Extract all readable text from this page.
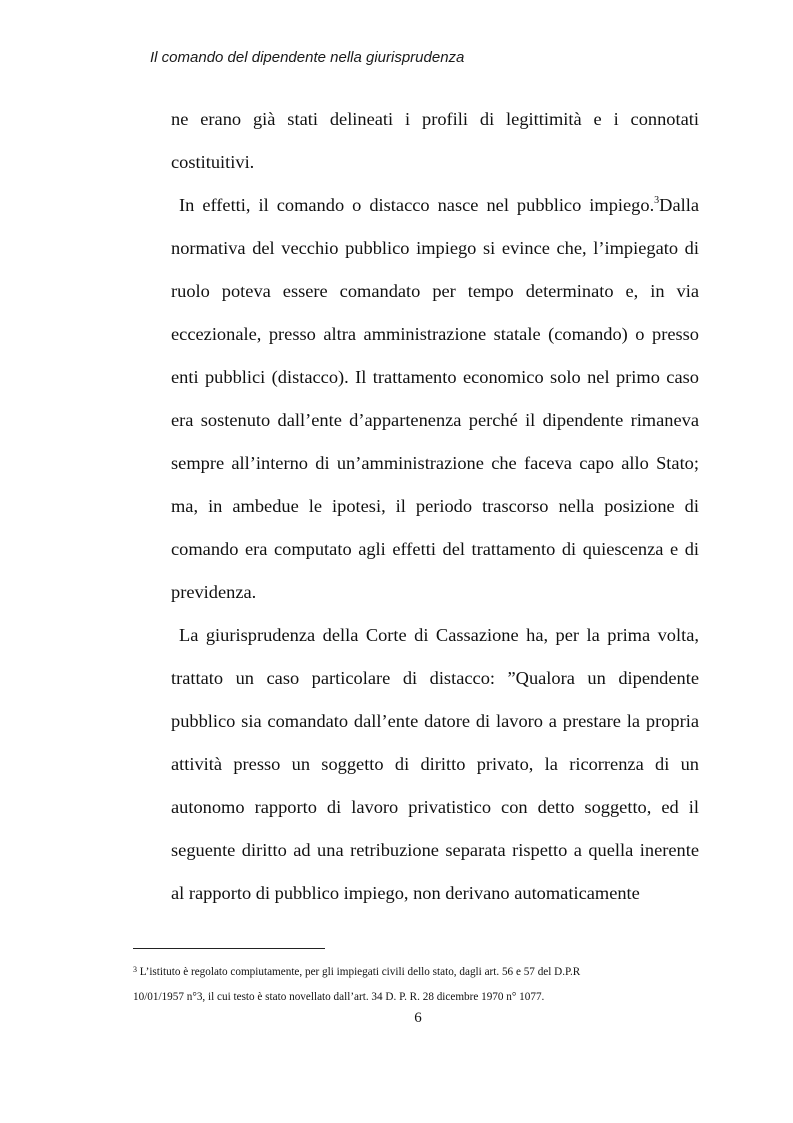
Il comando del dipendente nella giurisprudenza

ne erano già stati delineati i profili di legittimità e i connotati costituitivi.

In effetti, il comando o distacco nasce nel pubblico impiego.$^3$Dalla normativa del vecchio pubblico impiego si evince che, l’impiegato di ruolo poteva essere comandato per tempo determinato e, in via eccezionale, presso altra amministrazione statale (comando) o presso enti pubblici (distacco). Il trattamento economico solo nel primo caso era sostenuto dall’ente d’appartenenza perché il dipendente rimaneva sempre all’interno di un’amministrazione che faceva capo allo Stato; ma, in ambedue le ipotesi, il periodo trascorso nella posizione di comando era computato agli effetti del trattamento di quiescenza e di previdenza.

La giurisprudenza della Corte di Cassazione ha, per la prima volta, trattato un caso particolare di distacco: ”Qualora un dipendente pubblico sia comandato dall’ente datore di lavoro a prestare la propria attività presso un soggetto di diritto privato, la ricorrenza di un autonomo rapporto di lavoro privatistico con detto soggetto, ed il seguente diritto ad una retribuzione separata rispetto a quella inerente al rapporto di pubblico impiego, non derivano automaticamente

$^3$ L’istituto è regolato compiutamente, per gli impiegati civili dello stato, dagli art. 56 e 57 del D.P.R
10/01/1957 n°3, il cui testo è stato novellato dall’art. 34 D. P. R. 28 dicembre 1970 n° 1077.
6
